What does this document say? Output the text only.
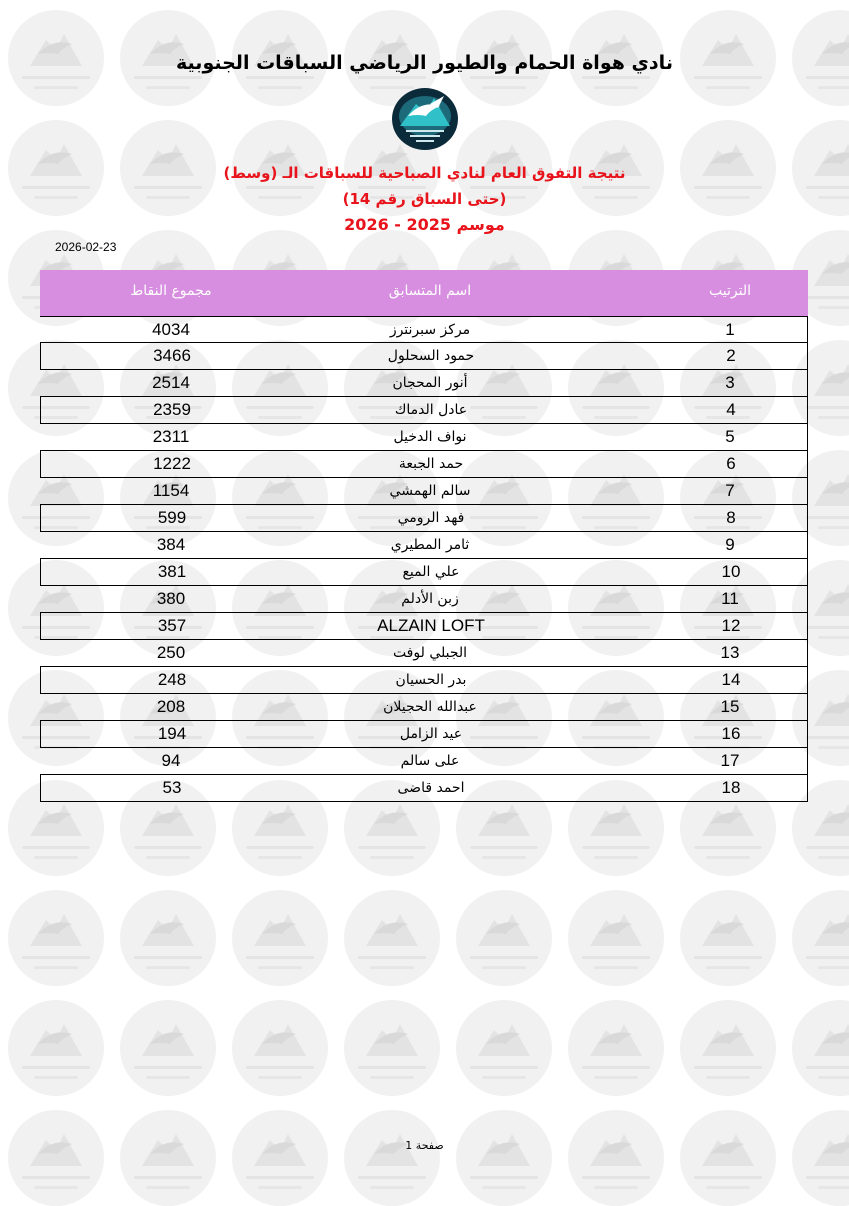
نادي هواة الحمام والطيور الرياضي السباقات الجنوبية
نتيجة التفوق العام لنادي الصباحية للسباقات الـ (وسط)
(حتى السباق رقم 14)
موسم 2025 - 2026
2026-02-23
مجموع النقاط	اسم المتسابق	الترتيب
4034	مركز سبرنترز	1
3466	حمود السحلول	2
2514	أنور المحجان	3
2359	عادل الدماك	4
2311	نواف الدخيل	5
1222	حمد الجبعة	6
1154	سالم الهمشي	7
599	فهد الرومي	8
384	ثامر المطيري	9
381	علي الميع	10
380	زبن الأدلم	11
357	ALZAIN LOFT	12
250	الجبلي لوفت	13
248	بدر الحسيان	14
208	عبدالله الحجيلان	15
194	عيد الزامل	16
94	على سالم	17
53	احمد قاضى	18
صفحة 1
